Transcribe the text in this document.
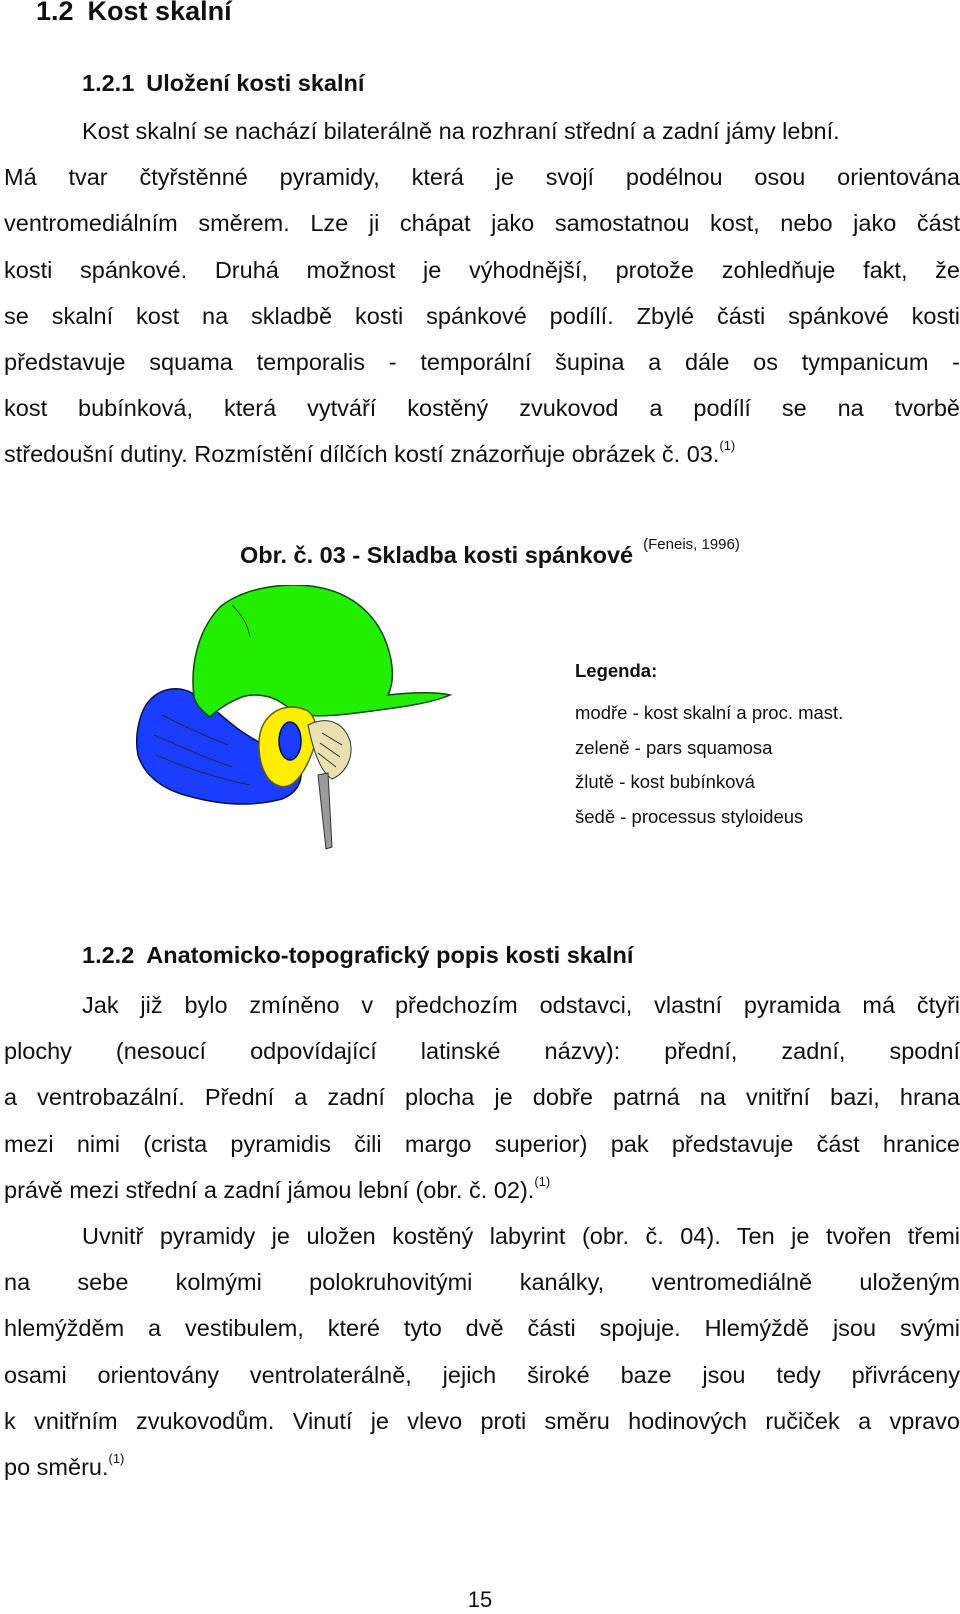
1.2 Kost skalní
1.2.1 Uložení kosti skalní
Kost skalní se nachází bilaterálně na rozhraní střední a zadní jámy lební.
Má tvar čtyřstěnné pyramidy, která je svojí podélnou osou orientována
ventromediálním směrem. Lze ji chápat jako samostatnou kost, nebo jako část
kosti spánkové. Druhá možnost je výhodnější, protože zohledňuje fakt, že
se skalní kost na skladbě kosti spánkové podílí. Zbylé části spánkové kosti
představuje squama temporalis - temporální šupina a dále os tympanicum -
kost bubínková, která vytváří kostěný zvukovod a podílí se na tvorbě
středoušní dutiny. Rozmístění dílčích kostí znázorňuje obrázek č. 03.$^{(1)}$
Obr. č. 03 - Skladba kosti spánkové $^{(Feneis, 1996)}$
Legenda:
modře - kost skalní a proc. mast.
zeleně - pars squamosa
žlutě - kost bubínková
šedě - processus styloideus
1.2.2 Anatomicko-topografický popis kosti skalní
Jak již bylo zmíněno v předchozím odstavci, vlastní pyramida má čtyři
plochy (nesoucí odpovídající latinské názvy): přední, zadní, spodní
a ventrobazální. Přední a zadní plocha je dobře patrná na vnitřní bazi, hrana
mezi nimi (crista pyramidis čili margo superior) pak představuje část hranice
právě mezi střední a zadní jámou lební (obr. č. 02).$^{(1)}$
Uvnitř pyramidy je uložen kostěný labyrint (obr. č. 04). Ten je tvořen třemi
na sebe kolmými polokruhovitými kanálky, ventromediálně uloženým
hlemýžděm a vestibulem, které tyto dvě části spojuje. Hlemýždě jsou svými
osami orientovány ventrolaterálně, jejich široké baze jsou tedy přivráceny
k vnitřním zvukovodům. Vinutí je vlevo proti směru hodinových ručiček a vpravo
po směru.$^{(1)}$
15
